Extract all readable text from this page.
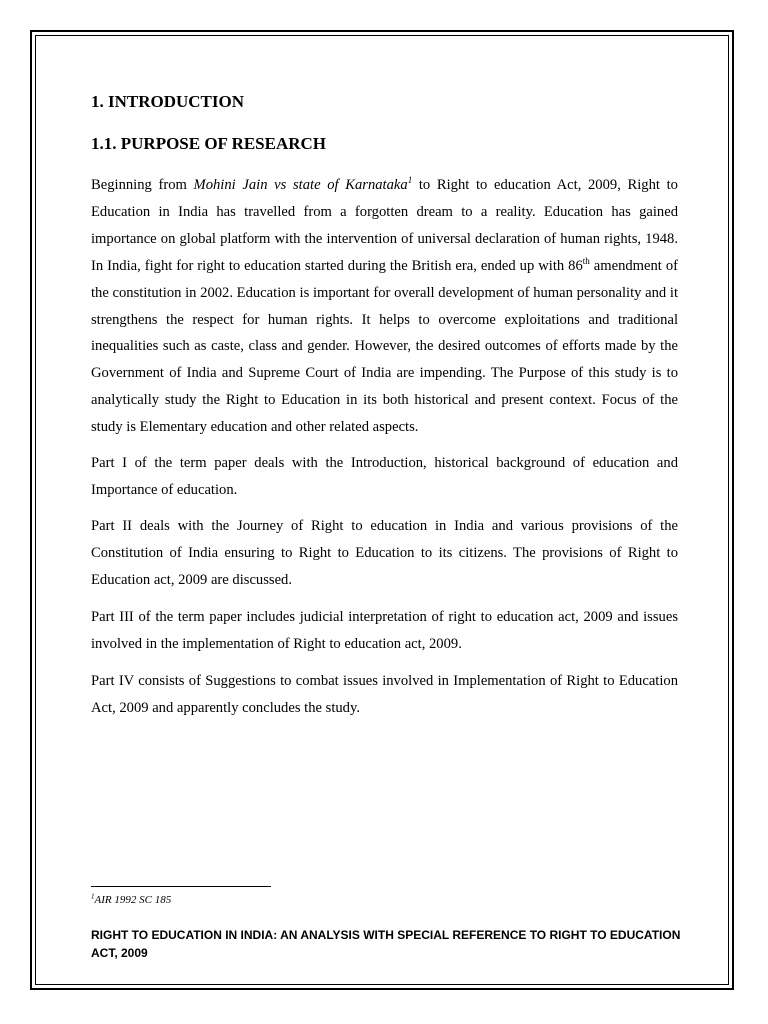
1. INTRODUCTION
1.1. PURPOSE OF RESEARCH

Beginning from Mohini Jain vs state of Karnataka$^1$ to Right to education Act, 2009, Right to Education in India has travelled from a forgotten dream to a reality. Education has gained importance on global platform with the intervention of universal declaration of human rights, 1948. In India, fight for right to education started during the British era, ended up with 86th amendment of the constitution in 2002. Education is important for overall development of human personality and it strengthens the respect for human rights. It helps to overcome exploitations and traditional inequalities such as caste, class and gender. However, the desired outcomes of efforts made by the Government of India and Supreme Court of India are impending. The Purpose of this study is to analytically study the Right to Education in its both historical and present context. Focus of the study is Elementary education and other related aspects.

Part I of the term paper deals with the Introduction, historical background of education and Importance of education.

Part II deals with the Journey of Right to education in India and various provisions of the Constitution of India ensuring to Right to Education to its citizens. The provisions of Right to Education act, 2009 are discussed.

Part III of the term paper includes judicial interpretation of right to education act, 2009 and issues involved in the implementation of Right to education act, 2009.

Part IV consists of Suggestions to combat issues involved in Implementation of Right to Education Act, 2009 and apparently concludes the study.

$^1$AIR 1992 SC 185
RIGHT TO EDUCATION IN INDIA: AN ANALYSIS WITH SPECIAL REFERENCE TO RIGHT TO EDUCATION ACT, 2009
